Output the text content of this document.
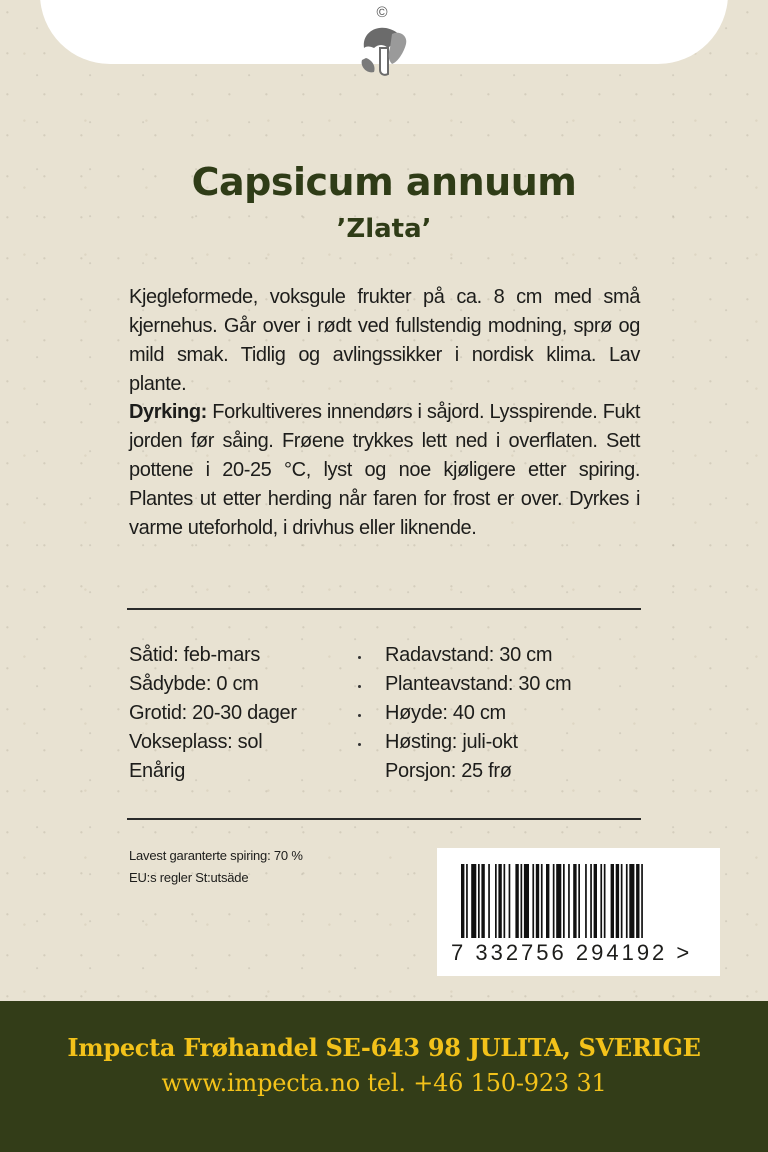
©
Capsicum annuum
’Zlata’
Kjegleformede, voksgule frukter på ca. 8 cm med små kjernehus. Går over i rødt ved fullstendig modning, sprø og mild smak. Tidlig og avlingssikker i nordisk klima. Lav plante.
Dyrking: Forkultiveres innendørs i såjord. Lysspirende. Fukt jorden før såing. Frøene trykkes lett ned i overflaten. Sett pottene i 20-25 °C, lyst og noe kjøligere etter spiring. Plantes ut etter herding når faren for frost er over. Dyrkes i varme uteforhold, i drivhus eller liknende.
Såtid: feb-mars
Sådybde: 0 cm
Grotid: 20-30 dager
Vokseplass: sol
Enårig
Radavstand: 30 cm
Planteavstand: 30 cm
Høyde: 40 cm
Høsting: juli-okt
Porsjon: 25 frø
Lavest garanterte spiring: 70 %
EU:s regler St:utsäde
7 332756 294192 >
Impecta Frøhandel SE-643 98 JULITA, SVERIGE
www.impecta.no tel. +46 150-923 31
